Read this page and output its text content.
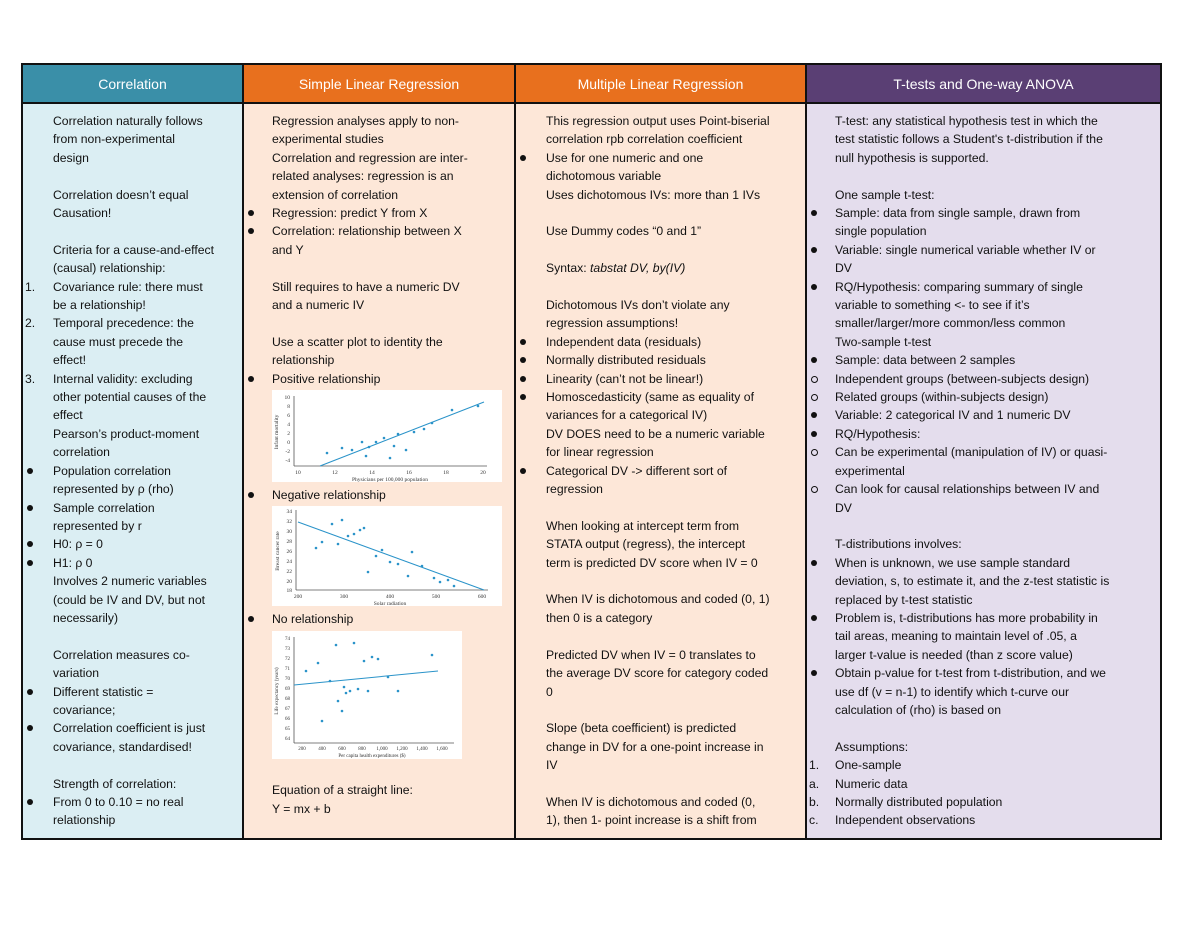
Correlation
Correlation naturally follows
from non-experimental
design
Correlation doesn’t equal
Causation!
Criteria for a cause-and-effect
(causal) relationship:
1. Covariance rule: there must
be a relationship!
2. Temporal precedence: the
cause must precede the
effect!
3. Internal validity: excluding
other potential causes of the
effect
Pearson’s product-moment
correlation
Population correlation
represented by ρ (rho)
Sample correlation
represented by r
H0: ρ = 0
H1: ρ 0
Involves 2 numeric variables
(could be IV and DV, but not
necessarily)
Correlation measures co-
variation
Different statistic =
covariance;
Correlation coefficient is just
covariance, standardised!
Strength of correlation:
From 0 to 0.10 = no real
relationship
Simple Linear Regression
Regression analyses apply to non-
experimental studies
Correlation and regression are inter-
related analyses: regression is an
extension of correlation
Regression: predict Y from X
Correlation: relationship between X
and Y
Still requires to have a numeric DV
and a numeric IV
Use a scatter plot to identity the
relationship
Positive relationship
10
8
6
4
2
0
-2
-4
10	12	14	16	18	20
Physicians per 100,000 population
Infant mortality
Negative relationship
34
32
30
28
26
24
22
20
18
200	300	400	500	600
Solar radiation
Breast cancer rate
No relationship
74
73
72
71
70
69
68
67
66
65
64
200	400	600	800 1,000 1,200 1,400 1,600
Per capita health expenditures ($)
Life expectancy (years)
Equation of a straight line:
Y = mx + b
Multiple Linear Regression
This regression output uses Point-biserial
correlation rpb correlation coefficient
Use for one numeric and one
dichotomous variable
Uses dichotomous IVs: more than 1 IVs
Use Dummy codes “0 and 1”
Syntax: tabstat DV, by(IV)
Dichotomous IVs don’t violate any
regression assumptions!
Independent data (residuals)
Normally distributed residuals
Linearity (can’t not be linear!)
Homoscedasticity (same as equality of
variances for a categorical IV)
DV DOES need to be a numeric variable
for linear regression
Categorical DV -> different sort of
regression
When looking at intercept term from
STATA output (regress), the intercept
term is predicted DV score when IV = 0
When IV is dichotomous and coded (0, 1)
then 0 is a category
Predicted DV when IV = 0 translates to
the average DV score for category coded
0
Slope (beta coefficient) is predicted
change in DV for a one-point increase in
IV
When IV is dichotomous and coded (0,
1), then 1- point increase is a shift from
T-tests and One-way ANOVA
T-test: any statistical hypothesis test in which the
test statistic follows a Student's t-distribution if the
null hypothesis is supported.
One sample t-test:
Sample: data from single sample, drawn from
single population
Variable: single numerical variable whether IV or
DV
RQ/Hypothesis: comparing summary of single
variable to something <- to see if it’s
smaller/larger/more common/less common
Two-sample t-test
Sample: data between 2 samples
Independent groups (between-subjects design)
Related groups (within-subjects design)
Variable: 2 categorical IV and 1 numeric DV
RQ/Hypothesis:
Can be experimental (manipulation of IV) or quasi-
experimental
Can look for causal relationships between IV and
DV
T-distributions involves:
When is unknown, we use sample standard
deviation, s, to estimate it, and the z-test statistic is
replaced by t-test statistic
Problem is, t-distributions has more probability in
tail areas, meaning to maintain level of .05, a
larger t-value is needed (than z score value)
Obtain p-value for t-test from t-distribution, and we
use df (v = n-1) to identify which t-curve our
calculation of (rho) is based on
Assumptions:
1. One-sample
a. Numeric data
b. Normally distributed population
c. Independent observations
